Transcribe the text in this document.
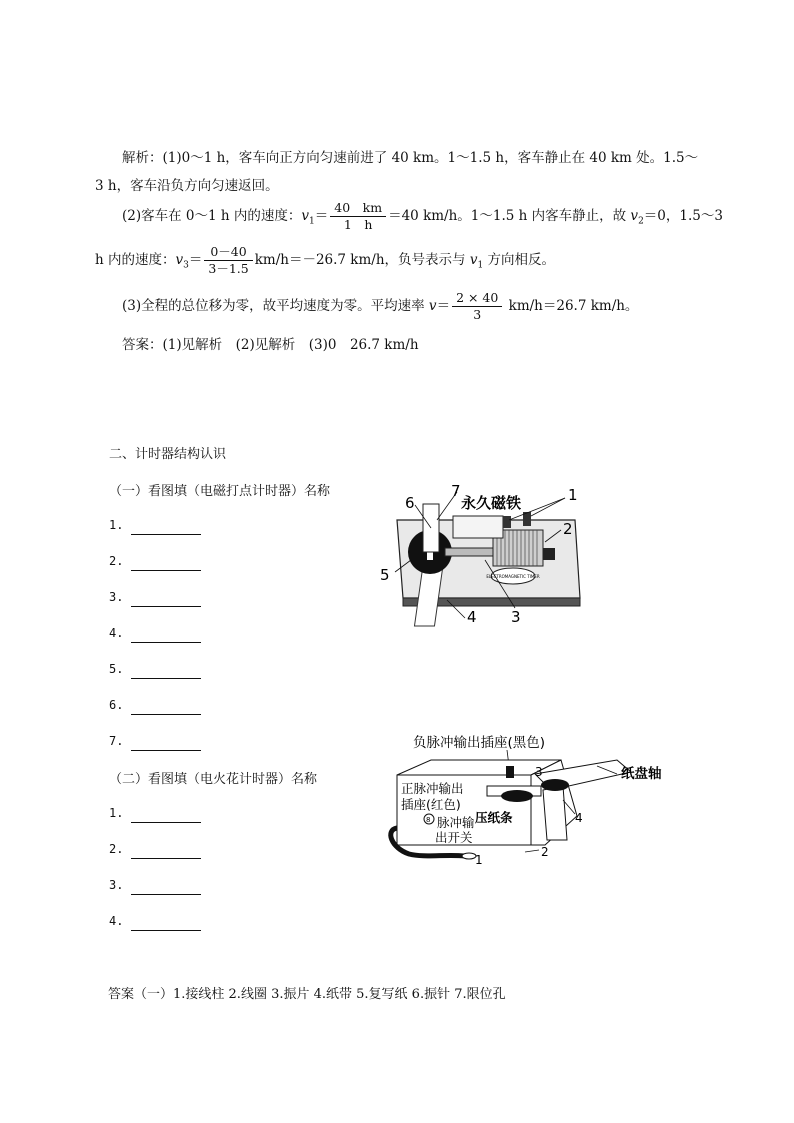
解析：(1)0～1 h，客车向正方向匀速前进了 40 km。1～1.5 h，客车静止在 40 km 处。1.5～
3 h，客车沿负方向匀速返回。
(2)客车在 0～1 h 内的速度：$v_1= \frac{40 km}{1 h} =40$ km/h。1～1.5 h 内客车静止，故 $v_2=0$，1.5～3
h 内的速度：$v_3= \frac{0-40}{3-1.5} km/h=-26.7$ km/h，负号表示与 $v_1$ 方向相反。
(3)全程的总位移为零，故平均速度为零。平均速率 $v= \frac{2 \times 40}{3} km/h=26.7$ km/h。
答案：(1)见解析　(2)见解析　(3)0　26.7 km/h
二、计时器结构认识
（一）看图填（电磁打点计时器）名称
1.
2.
3.
4.
5.
6.
7.
（二）看图填（电火花计时器）名称
1.
2.
3.
4.
ELECTROMAGNETIC TIMER
6
7
永久磁铁	1
2
3
4
5
负脉冲输出插座(黑色)
8
正脉冲输出
插座(红色)
脉冲输
出开关
压纸条
纸盘轴
3
4
2
1
答案（一）1.接线柱 2.线圈 3.振片 4.纸带 5.复写纸 6.振针 7.限位孔
